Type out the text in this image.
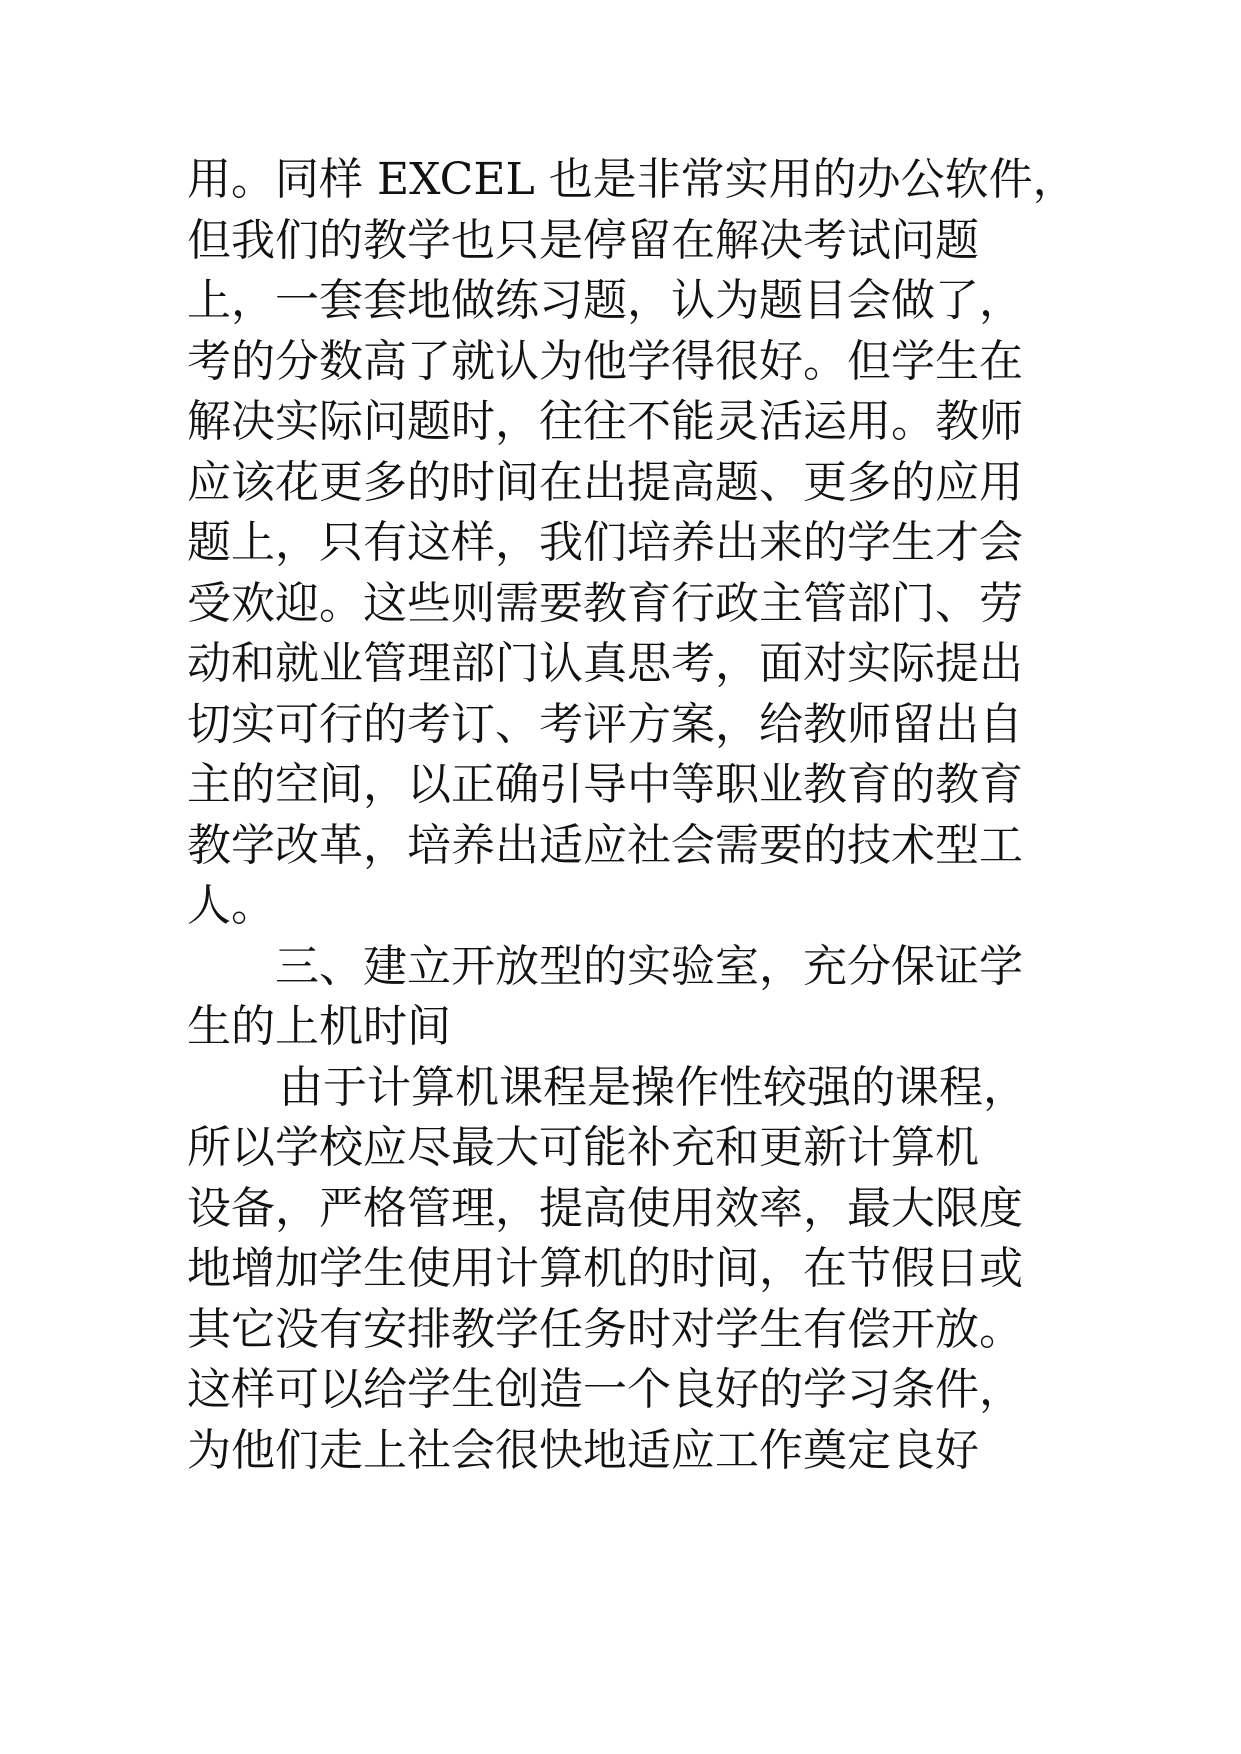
用。同样 EXCEL 也是非常实用的办公软件，
但我们的教学也只是停留在解决考试问题
上，一套套地做练习题，认为题目会做了，
考的分数高了就认为他学得很好。但学生在
解决实际问题时，往往不能灵活运用。教师
应该花更多的时间在出提高题、更多的应用
题上，只有这样，我们培养出来的学生才会
受欢迎。这些则需要教育行政主管部门、劳
动和就业管理部门认真思考，面对实际提出
切实可行的考订、考评方案，给教师留出自
主的空间，以正确引导中等职业教育的教育
教学改革，培养出适应社会需要的技术型工
人。
三、建立开放型的实验室，充分保证学
生的上机时间
由于计算机课程是操作性较强的课程，
所以学校应尽最大可能补充和更新计算机
设备，严格管理，提高使用效率，最大限度
地增加学生使用计算机的时间，在节假日或
其它没有安排教学任务时对学生有偿开放。
这样可以给学生创造一个良好的学习条件，
为他们走上社会很快地适应工作奠定良好
